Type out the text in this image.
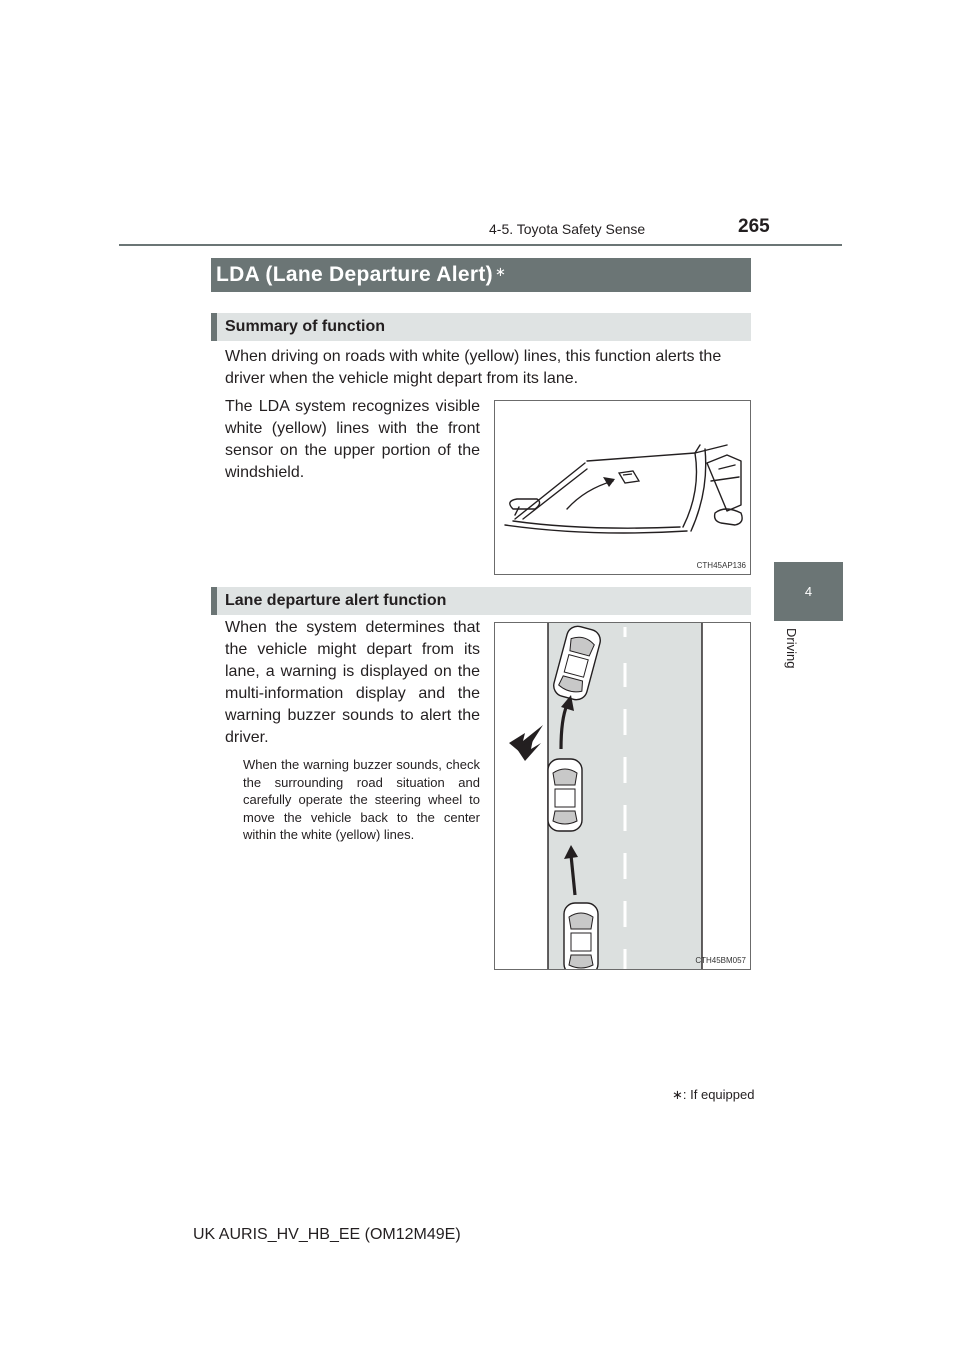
4-5. Toyota Safety Sense	265
4
Driving
LDA (Lane Departure Alert) ∗
Summary of function
When driving on roads with white (yellow) lines, this function alerts the driver when the vehicle might depart from its lane.
The LDA system recognizes visible white (yellow) lines with the front sensor on the upper portion of the windshield.
CTH45AP136
Lane departure alert function
When the system determines that the vehicle might depart from its lane, a warning is displayed on the multi-information display and the warning buzzer sounds to alert the driver.
When the warning buzzer sounds, check the surrounding road situation and carefully operate the steering wheel to move the vehicle back to the center within the white (yellow) lines.
CTH45BM057
∗: If equipped
UK AURIS_HV_HB_EE (OM12M49E)
